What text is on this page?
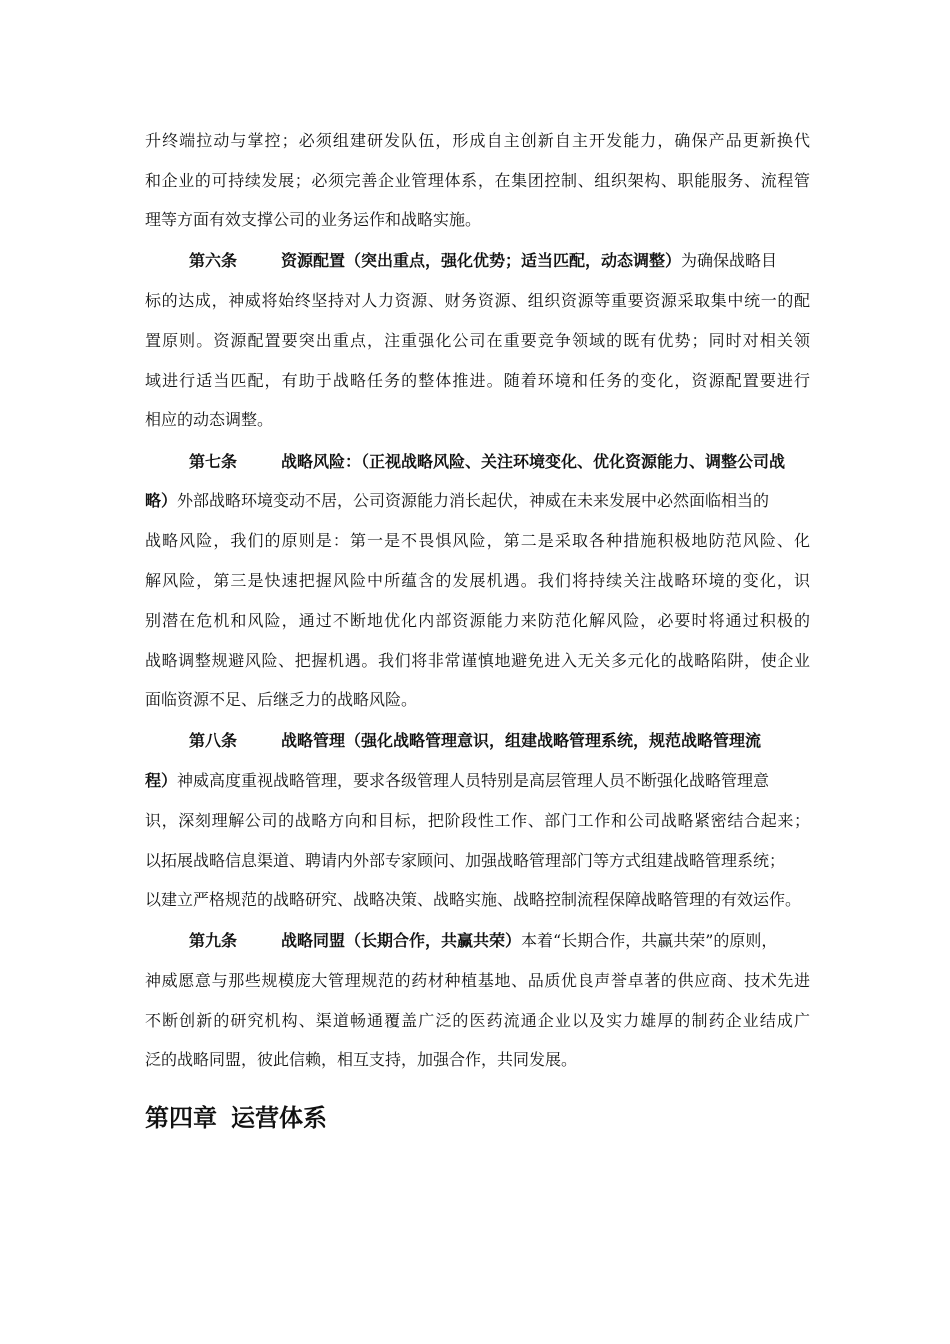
升终端拉动与掌控；必须组建研发队伍，形成自主创新自主开发能力，确保产品更新换代
和企业的可持续发展；必须完善企业管理体系，在集团控制、组织架构、职能服务、流程管
理等方面有效支撑公司的业务运作和战略实施。
第六条	资源配置（突出重点，强化优势；适当匹配，动态调整）为确保战略目
标的达成，神威将始终坚持对人力资源、财务资源、组织资源等重要资源采取集中统一的配
置原则。资源配置要突出重点，注重强化公司在重要竞争领域的既有优势；同时对相关领
域进行适当匹配，有助于战略任务的整体推进。随着环境和任务的变化，资源配置要进行
相应的动态调整。
第七条	战略风险：（正视战略风险、关注环境变化、优化资源能力、调整公司战
略）外部战略环境变动不居，公司资源能力消长起伏，神威在未来发展中必然面临相当的
战略风险，我们的原则是：第一是不畏惧风险，第二是采取各种措施积极地防范风险、化
解风险，第三是快速把握风险中所蕴含的发展机遇。我们将持续关注战略环境的变化，识
别潜在危机和风险，通过不断地优化内部资源能力来防范化解风险，必要时将通过积极的
战略调整规避风险、把握机遇。我们将非常谨慎地避免进入无关多元化的战略陷阱，使企业
面临资源不足、后继乏力的战略风险。
第八条	战略管理（强化战略管理意识，组建战略管理系统，规范战略管理流
程）神威高度重视战略管理，要求各级管理人员特别是高层管理人员不断强化战略管理意
识，深刻理解公司的战略方向和目标，把阶段性工作、部门工作和公司战略紧密结合起来；
以拓展战略信息渠道、聘请内外部专家顾问、加强战略管理部门等方式组建战略管理系统；
以建立严格规范的战略研究、战略决策、战略实施、战略控制流程保障战略管理的有效运作。
第九条	战略同盟（长期合作，共赢共荣）本着“长期合作，共赢共荣”的原则，
神威愿意与那些规模庞大管理规范的药材种植基地、品质优良声誉卓著的供应商、技术先进
不断创新的研究机构、渠道畅通覆盖广泛的医药流通企业以及实力雄厚的制药企业结成广
泛的战略同盟，彼此信赖，相互支持，加强合作，共同发展。
第四章 运营体系
